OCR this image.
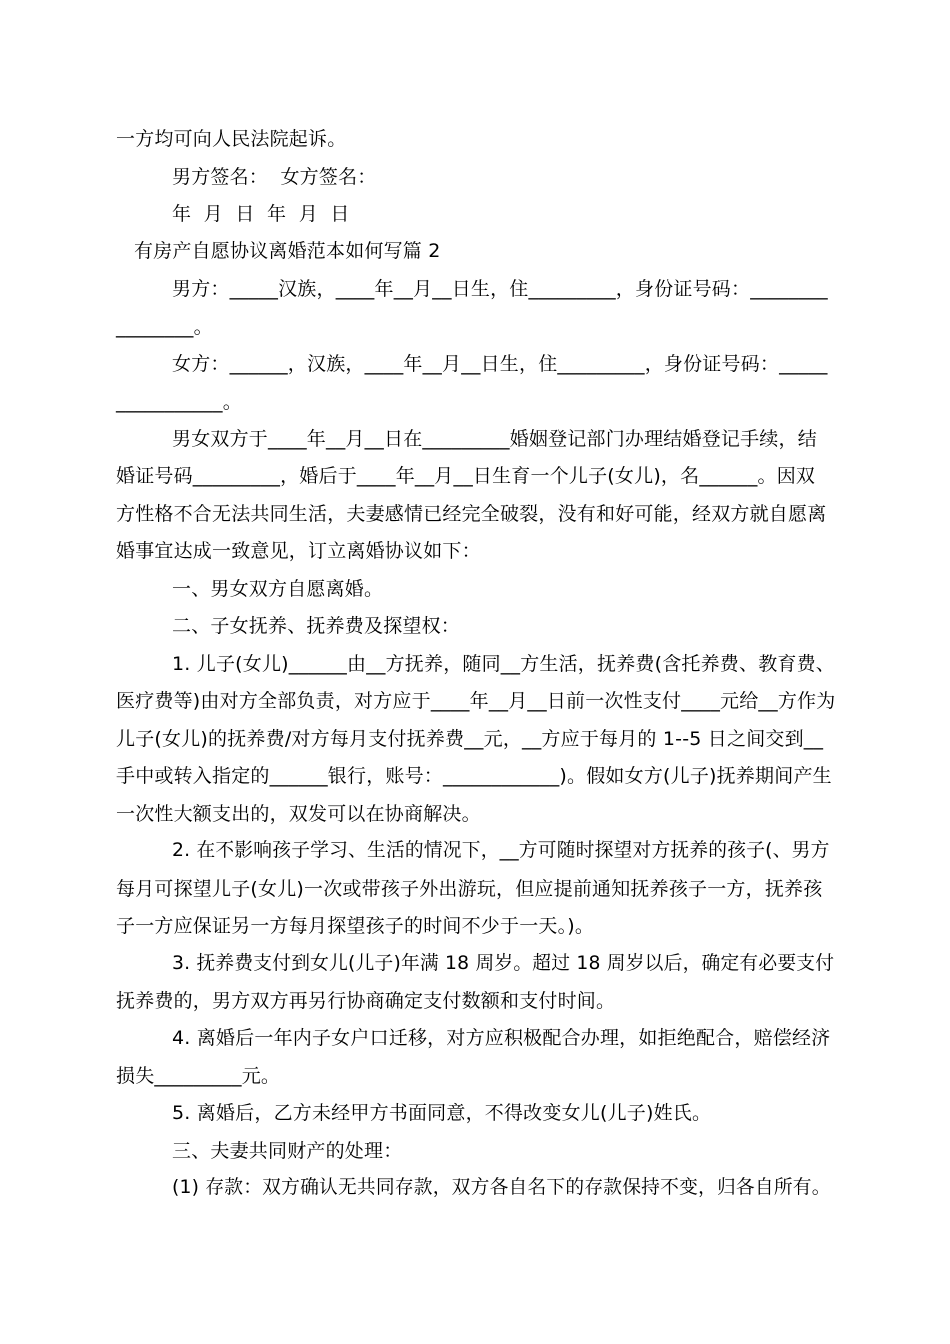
一方均可向人民法院起诉。
男方签名：  女方签名：
年  月  日  年  月  日
有房产自愿协议离婚范本如何写篇 2
男方：_____汉族，____年__月__日生，住_________，身份证号码：________
________。
女方：______，汉族，____年__月__日生，住_________，身份证号码：_____
___________。
男女双方于____年__月__日在_________婚姻登记部门办理结婚登记手续，结
婚证号码_________，婚后于____年__月__日生育一个儿子(女儿)，名______。因双
方性格不合无法共同生活，夫妻感情已经完全破裂，没有和好可能，经双方就自愿离
婚事宜达成一致意见，订立离婚协议如下：
一、男女双方自愿离婚。
二、子女抚养、抚养费及探望权：
1. 儿子(女儿)______由__方抚养，随同__方生活，抚养费(含托养费、教育费、
医疗费等)由对方全部负责，对方应于____年__月__日前一次性支付____元给__方作为
儿子(女儿)的抚养费/对方每月支付抚养费__元，__方应于每月的 1--5 日之间交到__
手中或转入指定的______银行，账号：____________)。假如女方(儿子)抚养期间产生
一次性大额支出的，双发可以在协商解决。
2. 在不影响孩子学习、生活的情况下，__方可随时探望对方抚养的孩子(、男方
每月可探望儿子(女儿)一次或带孩子外出游玩，但应提前通知抚养孩子一方，抚养孩
子一方应保证另一方每月探望孩子的时间不少于一天。)。
3. 抚养费支付到女儿(儿子)年满 18 周岁。超过 18 周岁以后，确定有必要支付
抚养费的，男方双方再另行协商确定支付数额和支付时间。
4. 离婚后一年内子女户口迁移，对方应积极配合办理，如拒绝配合，赔偿经济
损失_________元。
5. 离婚后，乙方未经甲方书面同意，不得改变女儿(儿子)姓氏。
三、夫妻共同财产的处理：
(1) 存款：双方确认无共同存款，双方各自名下的存款保持不变，归各自所有。
